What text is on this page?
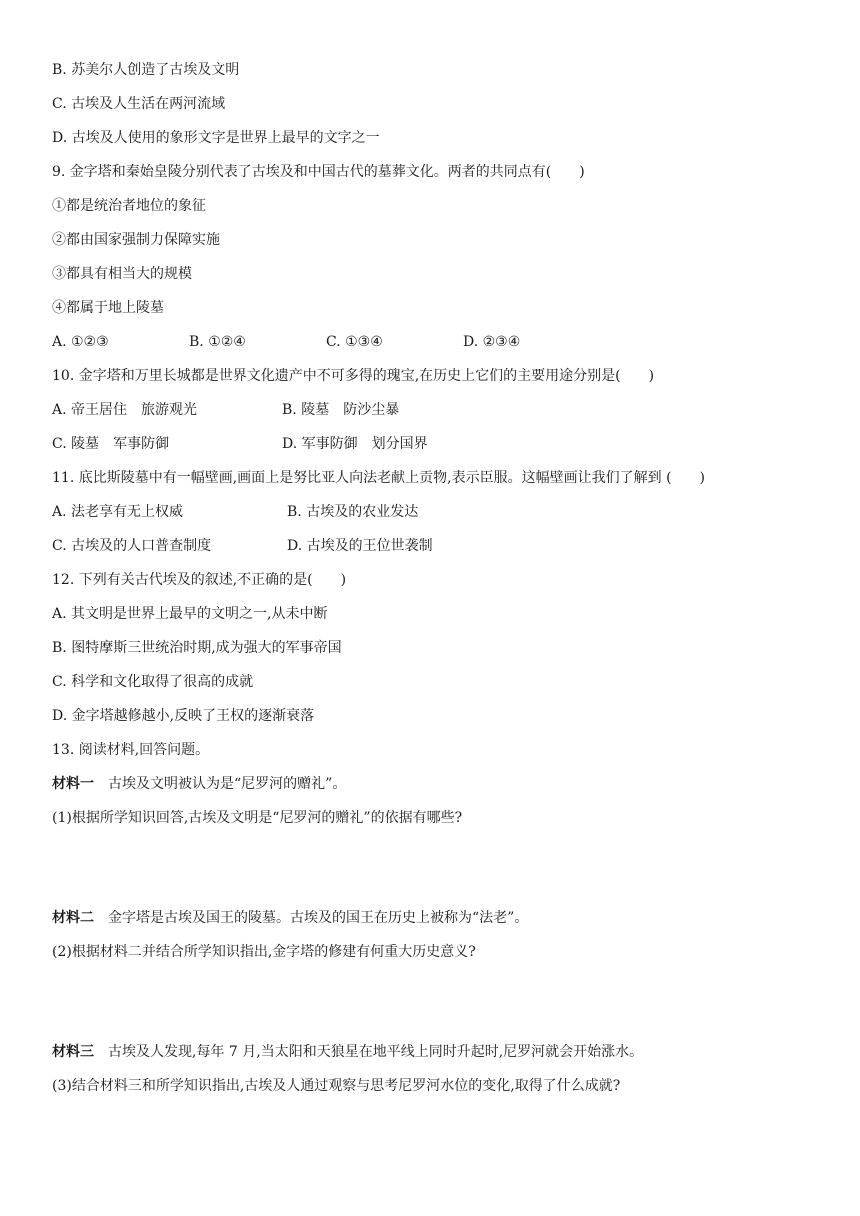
B. 苏美尔人创造了古埃及文明
C. 古埃及人生活在两河流域
D. 古埃及人使用的象形文字是世界上最早的文字之一
9. 金字塔和秦始皇陵分别代表了古埃及和中国古代的墓葬文化。两者的共同点有(　　)
①都是统治者地位的象征
②都由国家强制力保障实施
③都具有相当大的规模
④都属于地上陵墓
A. ①②③	B. ①②④	C. ①③④	D. ②③④
10. 金字塔和万里长城都是世界文化遗产中不可多得的瑰宝,在历史上它们的主要用途分别是(　　)
A. 帝王居住　旅游观光	B. 陵墓　防沙尘暴
C. 陵墓　军事防御	D. 军事防御　划分国界
11. 底比斯陵墓中有一幅壁画,画面上是努比亚人向法老献上贡物,表示臣服。这幅壁画让我们了解到 (　　)
A. 法老享有无上权威	B. 古埃及的农业发达
C. 古埃及的人口普查制度	D. 古埃及的王位世袭制
12. 下列有关古代埃及的叙述,不正确的是(　　)
A. 其文明是世界上最早的文明之一,从未中断
B. 图特摩斯三世统治时期,成为强大的军事帝国
C. 科学和文化取得了很高的成就
D. 金字塔越修越小,反映了王权的逐渐衰落
13. 阅读材料,回答问题。
材料一　古埃及文明被认为是“尼罗河的赠礼”。
(1)根据所学知识回答,古埃及文明是“尼罗河的赠礼”的依据有哪些?
材料二　金字塔是古埃及国王的陵墓。古埃及的国王在历史上被称为“法老”。
(2)根据材料二并结合所学知识指出,金字塔的修建有何重大历史意义?
材料三　古埃及人发现,每年 7 月,当太阳和天狼星在地平线上同时升起时,尼罗河就会开始涨水。
(3)结合材料三和所学知识指出,古埃及人通过观察与思考尼罗河水位的变化,取得了什么成就?
